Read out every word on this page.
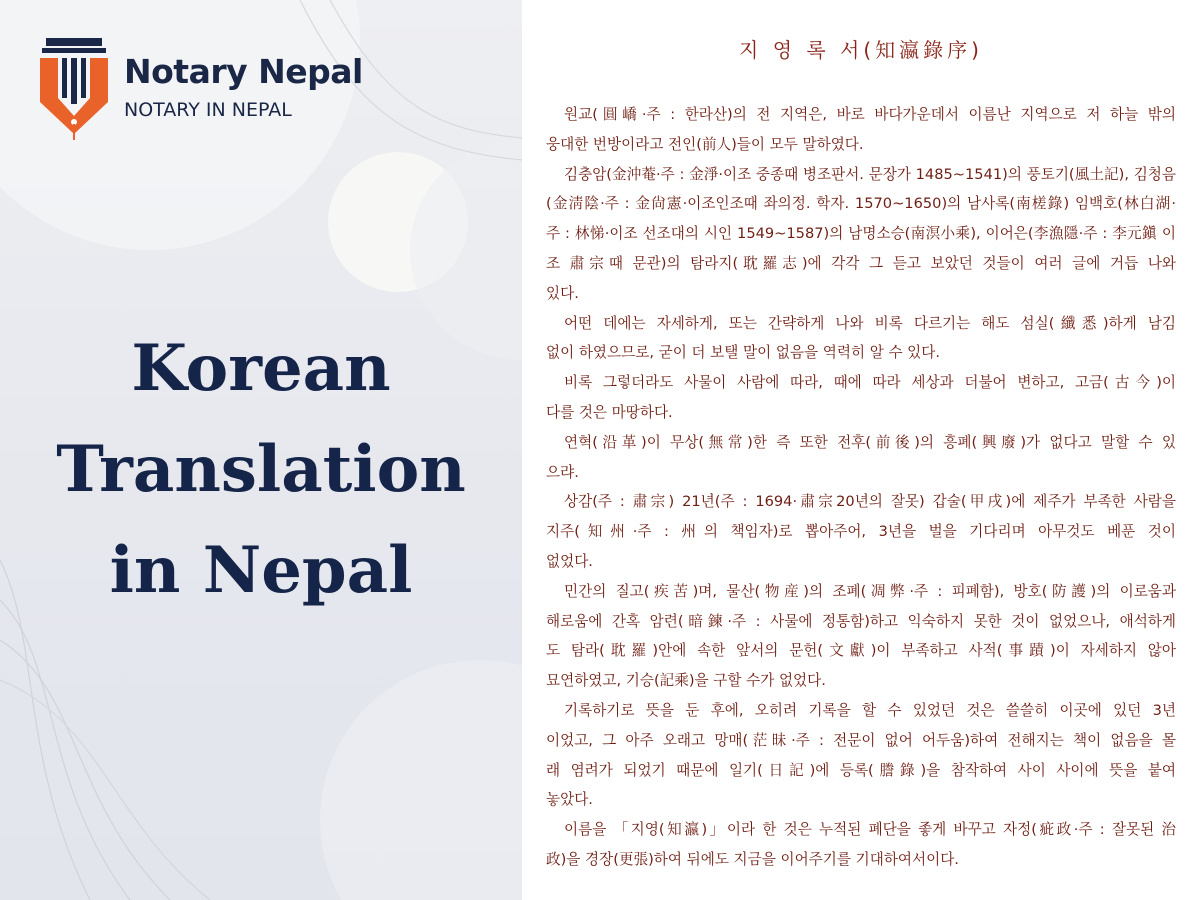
Notary Nepal

NOTARY IN NEPAL

Korean
Translation
in Nepal
지 영 록 서(知瀛錄序)
원교(圓嶠·주 : 한라산)의 전 지역은, 바로 바다가운데서 이름난 지역으로 저 하늘 밖의
웅대한 번방이라고 전인(前人)들이 모두 말하였다.
김충암(金沖菴·주 : 金淨·이조 중종때 병조판서. 문장가 1485~1541)의 풍토기(風土記), 김청음
(金淸陰·주 : 金尙憲·이조인조때 좌의정. 학자. 1570~1650)의 남사록(南槎錄) 임백호(林白湖·
주 : 林悌·이조 선조대의 시인 1549~1587)의 남명소승(南溟小乘), 이어은(李漁隱·주 : 李元鎭 이
조 肅宗때 문관)의 탐라지(耽羅志)에 각각 그 듣고 보았던 것들이 여러 글에 거듭 나와
있다.
어떤 데에는 자세하게, 또는 간략하게 나와 비록 다르기는 해도 섬실(纖悉)하게 남김
없이 하였으므로, 굳이 더 보탤 말이 없음을 역력히 알 수 있다.
비록 그렇더라도 사물이 사람에 따라, 때에 따라 세상과 더불어 변하고, 고금(古今)이
다를 것은 마땅하다.
연혁(沿革)이 무상(無常)한 즉 또한 전후(前後)의 흥폐(興廢)가 없다고 말할 수 있
으랴.
상감(주 : 肅宗) 21년(주 : 1694·肅宗20년의 잘못) 갑술(甲戌)에 제주가 부족한 사람을
지주(知州·주 : 州의 책임자)로 뽑아주어, 3년을 벌을 기다리며 아무것도 베푼 것이
없었다.
민간의 질고(疾苦)며, 물산(物産)의 조폐(凋弊·주 : 피폐함), 방호(防護)의 이로움과
해로움에 간혹 암련(暗鍊·주 : 사물에 정통함)하고 익숙하지 못한 것이 없었으나, 애석하게
도 탐라(耽羅)안에 속한 앞서의 문헌(文獻)이 부족하고 사적(事蹟)이 자세하지 않아
묘연하였고, 기승(記乘)을 구할 수가 없었다.
기록하기로 뜻을 둔 후에, 오히려 기록을 할 수 있었던 것은 쓸쓸히 이곳에 있던 3년
이었고, 그 아주 오래고 망매(茫昧·주 : 전문이 없어 어두움)하여 전해지는 책이 없음을 몰
래 염려가 되었기 때문에 일기(日記)에 등록(謄錄)을 참작하여 사이 사이에 뜻을 붙여
놓았다.
이름을 「지영(知瀛)」이라 한 것은 누적된 폐단을 좋게 바꾸고 자정(疵政·주 : 잘못된 治
政)을 경장(更張)하여 뒤에도 지금을 이어주기를 기대하여서이다.
